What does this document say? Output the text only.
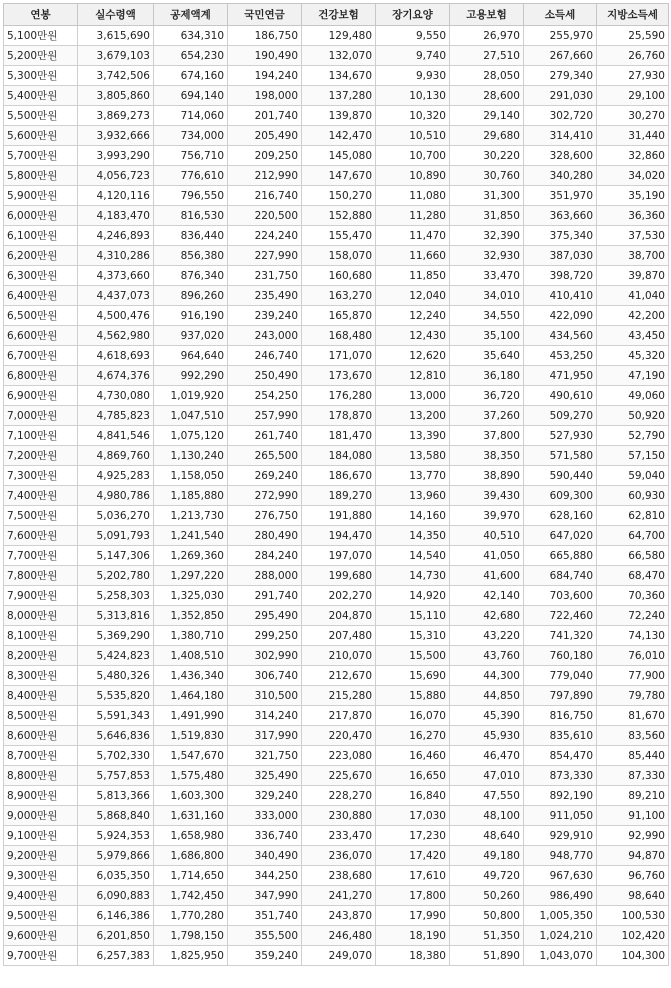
연봉	실수령액	공제액계	국민연금	건강보험	장기요양	고용보험	소득세	지방소득세
5,100만원	3,615,690	634,310	186,750	129,480	9,550	26,970	255,970	25,590
5,200만원	3,679,103	654,230	190,490	132,070	9,740	27,510	267,660	26,760
5,300만원	3,742,506	674,160	194,240	134,670	9,930	28,050	279,340	27,930
5,400만원	3,805,860	694,140	198,000	137,280	10,130	28,600	291,030	29,100
5,500만원	3,869,273	714,060	201,740	139,870	10,320	29,140	302,720	30,270
5,600만원	3,932,666	734,000	205,490	142,470	10,510	29,680	314,410	31,440
5,700만원	3,993,290	756,710	209,250	145,080	10,700	30,220	328,600	32,860
5,800만원	4,056,723	776,610	212,990	147,670	10,890	30,760	340,280	34,020
5,900만원	4,120,116	796,550	216,740	150,270	11,080	31,300	351,970	35,190
6,000만원	4,183,470	816,530	220,500	152,880	11,280	31,850	363,660	36,360
6,100만원	4,246,893	836,440	224,240	155,470	11,470	32,390	375,340	37,530
6,200만원	4,310,286	856,380	227,990	158,070	11,660	32,930	387,030	38,700
6,300만원	4,373,660	876,340	231,750	160,680	11,850	33,470	398,720	39,870
6,400만원	4,437,073	896,260	235,490	163,270	12,040	34,010	410,410	41,040
6,500만원	4,500,476	916,190	239,240	165,870	12,240	34,550	422,090	42,200
6,600만원	4,562,980	937,020	243,000	168,480	12,430	35,100	434,560	43,450
6,700만원	4,618,693	964,640	246,740	171,070	12,620	35,640	453,250	45,320
6,800만원	4,674,376	992,290	250,490	173,670	12,810	36,180	471,950	47,190
6,900만원	4,730,080	1,019,920	254,250	176,280	13,000	36,720	490,610	49,060
7,000만원	4,785,823	1,047,510	257,990	178,870	13,200	37,260	509,270	50,920
7,100만원	4,841,546	1,075,120	261,740	181,470	13,390	37,800	527,930	52,790
7,200만원	4,869,760	1,130,240	265,500	184,080	13,580	38,350	571,580	57,150
7,300만원	4,925,283	1,158,050	269,240	186,670	13,770	38,890	590,440	59,040
7,400만원	4,980,786	1,185,880	272,990	189,270	13,960	39,430	609,300	60,930
7,500만원	5,036,270	1,213,730	276,750	191,880	14,160	39,970	628,160	62,810
7,600만원	5,091,793	1,241,540	280,490	194,470	14,350	40,510	647,020	64,700
7,700만원	5,147,306	1,269,360	284,240	197,070	14,540	41,050	665,880	66,580
7,800만원	5,202,780	1,297,220	288,000	199,680	14,730	41,600	684,740	68,470
7,900만원	5,258,303	1,325,030	291,740	202,270	14,920	42,140	703,600	70,360
8,000만원	5,313,816	1,352,850	295,490	204,870	15,110	42,680	722,460	72,240
8,100만원	5,369,290	1,380,710	299,250	207,480	15,310	43,220	741,320	74,130
8,200만원	5,424,823	1,408,510	302,990	210,070	15,500	43,760	760,180	76,010
8,300만원	5,480,326	1,436,340	306,740	212,670	15,690	44,300	779,040	77,900
8,400만원	5,535,820	1,464,180	310,500	215,280	15,880	44,850	797,890	79,780
8,500만원	5,591,343	1,491,990	314,240	217,870	16,070	45,390	816,750	81,670
8,600만원	5,646,836	1,519,830	317,990	220,470	16,270	45,930	835,610	83,560
8,700만원	5,702,330	1,547,670	321,750	223,080	16,460	46,470	854,470	85,440
8,800만원	5,757,853	1,575,480	325,490	225,670	16,650	47,010	873,330	87,330
8,900만원	5,813,366	1,603,300	329,240	228,270	16,840	47,550	892,190	89,210
9,000만원	5,868,840	1,631,160	333,000	230,880	17,030	48,100	911,050	91,100
9,100만원	5,924,353	1,658,980	336,740	233,470	17,230	48,640	929,910	92,990
9,200만원	5,979,866	1,686,800	340,490	236,070	17,420	49,180	948,770	94,870
9,300만원	6,035,350	1,714,650	344,250	238,680	17,610	49,720	967,630	96,760
9,400만원	6,090,883	1,742,450	347,990	241,270	17,800	50,260	986,490	98,640
9,500만원	6,146,386	1,770,280	351,740	243,870	17,990	50,800	1,005,350	100,530
9,600만원	6,201,850	1,798,150	355,500	246,480	18,190	51,350	1,024,210	102,420
9,700만원	6,257,383	1,825,950	359,240	249,070	18,380	51,890	1,043,070	104,300
